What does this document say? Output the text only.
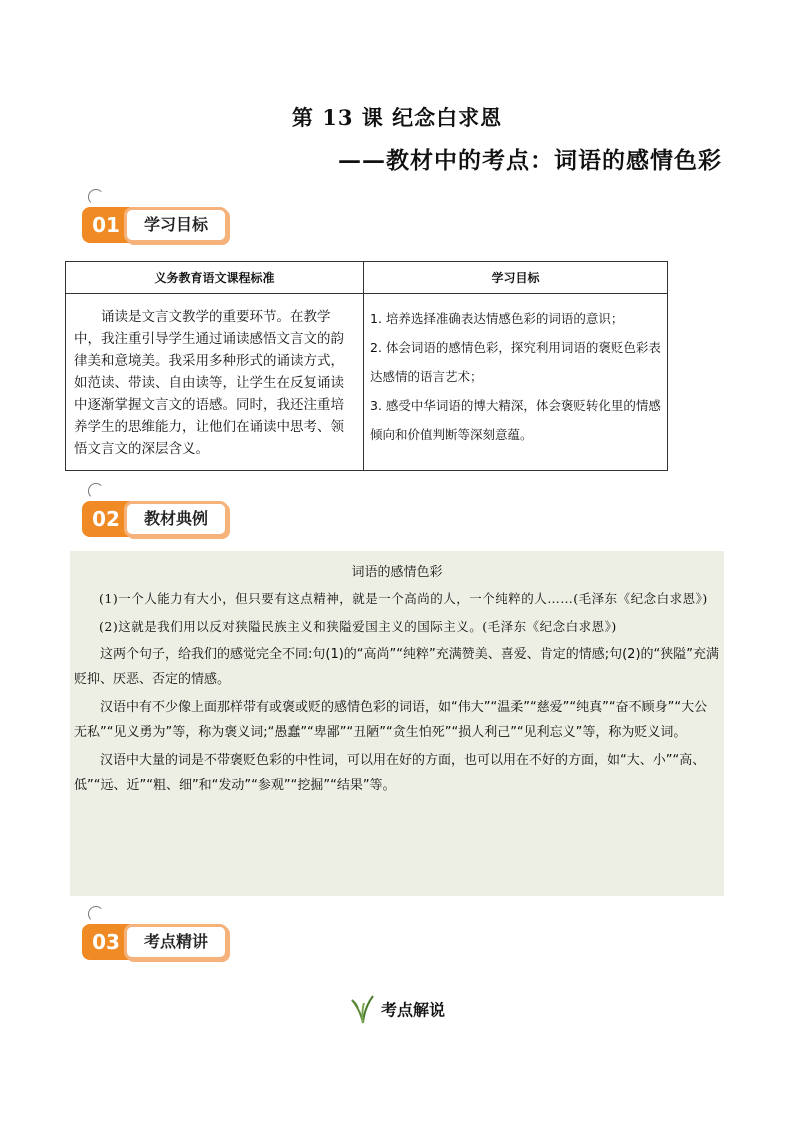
第 13 课 纪念白求恩
——教材中的考点：词语的感情色彩
01	学习目标
义务教育语文课程标准	学习目标
诵读是文言文教学的重要环节。在教学中，我注重引导学生通过诵读感悟文言文的韵律美和意境美。我采用多种形式的诵读方式，如范读、带读、自由读等，让学生在反复诵读中逐渐掌握文言文的语感。同时，我还注重培养学生的思维能力，让他们在诵读中思考、领悟文言文的深层含义。	1. 培养选择准确表达情感色彩的词语的意识；
2. 体会词语的感情色彩，探究利用词语的褒贬色彩表达感情的语言艺术；
3. 感受中华词语的博大精深，体会褒贬转化里的情感倾向和价值判断等深刻意蕴。
02	教材典例
词语的感情色彩

(1)一个人能力有大小，但只要有这点精神，就是一个高尚的人，一个纯粹的人……(毛泽东《纪念白求恩》)

(2)这就是我们用以反对狭隘民族主义和狭隘爱国主义的国际主义。(毛泽东《纪念白求恩》)

这两个句子，给我们的感觉完全不同:句(1)的“高尚”“纯粹”充满赞美、喜爱、肯定的情感;句(2)的“狭隘”充满贬抑、厌恶、否定的情感。

汉语中有不少像上面那样带有或褒或贬的感情色彩的词语，如“伟大”“温柔”“慈爱”“纯真”“奋不顾身”“大公无私”“见义勇为”等，称为褒义词;“愚蠢”“卑鄙”“丑陋”“贪生怕死”“损人利己”“见利忘义”等，称为贬义词。

汉语中大量的词是不带褒贬色彩的中性词，可以用在好的方面，也可以用在不好的方面，如“大、小”“高、低”“远、近”“粗、细”和“发动”“参观”“挖掘”“结果”等。

03	考点精讲
考点解说
